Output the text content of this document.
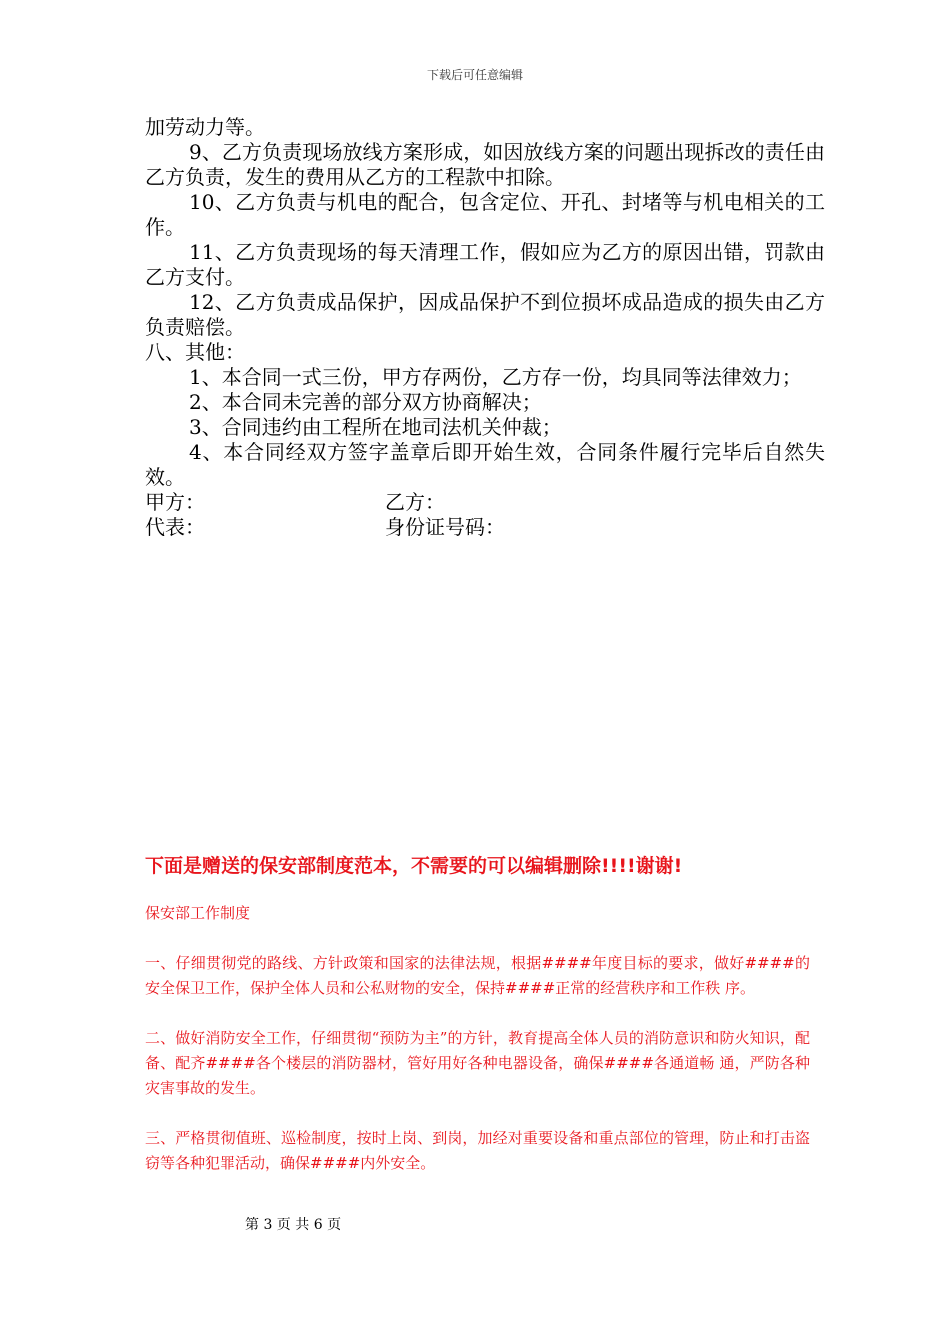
下载后可任意编辑

加劳动力等。

9、乙方负责现场放线方案形成，如因放线方案的问题出现拆改的责任由乙方负责，发生的费用从乙方的工程款中扣除。

10、乙方负责与机电的配合，包含定位、开孔、封堵等与机电相关的工作。

11、乙方负责现场的每天清理工作，假如应为乙方的原因出错，罚款由乙方支付。

12、乙方负责成品保护，因成品保护不到位损坏成品造成的损失由乙方负责赔偿。

八、其他：

1、本合同一式三份，甲方存两份，乙方存一份，均具同等法律效力；

2、本合同未完善的部分双方协商解决；

3、合同违约由工程所在地司法机关仲裁；

4、本合同经双方签字盖章后即开始生效，合同条件履行完毕后自然失效。

甲方：	乙方：
代表：	身份证号码：
下面是赠送的保安部制度范本，不需要的可以编辑删除!!!!谢谢!

保安部工作制度

一、仔细贯彻党的路线、方针政策和国家的法律法规，根据####年度目标的要求，做好####的安全保卫工作，保护全体人员和公私财物的安全，保持####正常的经营秩序和工作秩 序。

二、做好消防安全工作，仔细贯彻“预防为主”的方针，教育提高全体人员的消防意识和防火知识，配备、配齐####各个楼层的消防器材，管好用好各种电器设备，确保####各通道畅 通，严防各种灾害事故的发生。

三、严格贯彻值班、巡检制度，按时上岗、到岗，加经对重要设备和重点部位的管理，防止和打击盗窃等各种犯罪活动，确保####内外安全。

第 3 页 共 6 页
